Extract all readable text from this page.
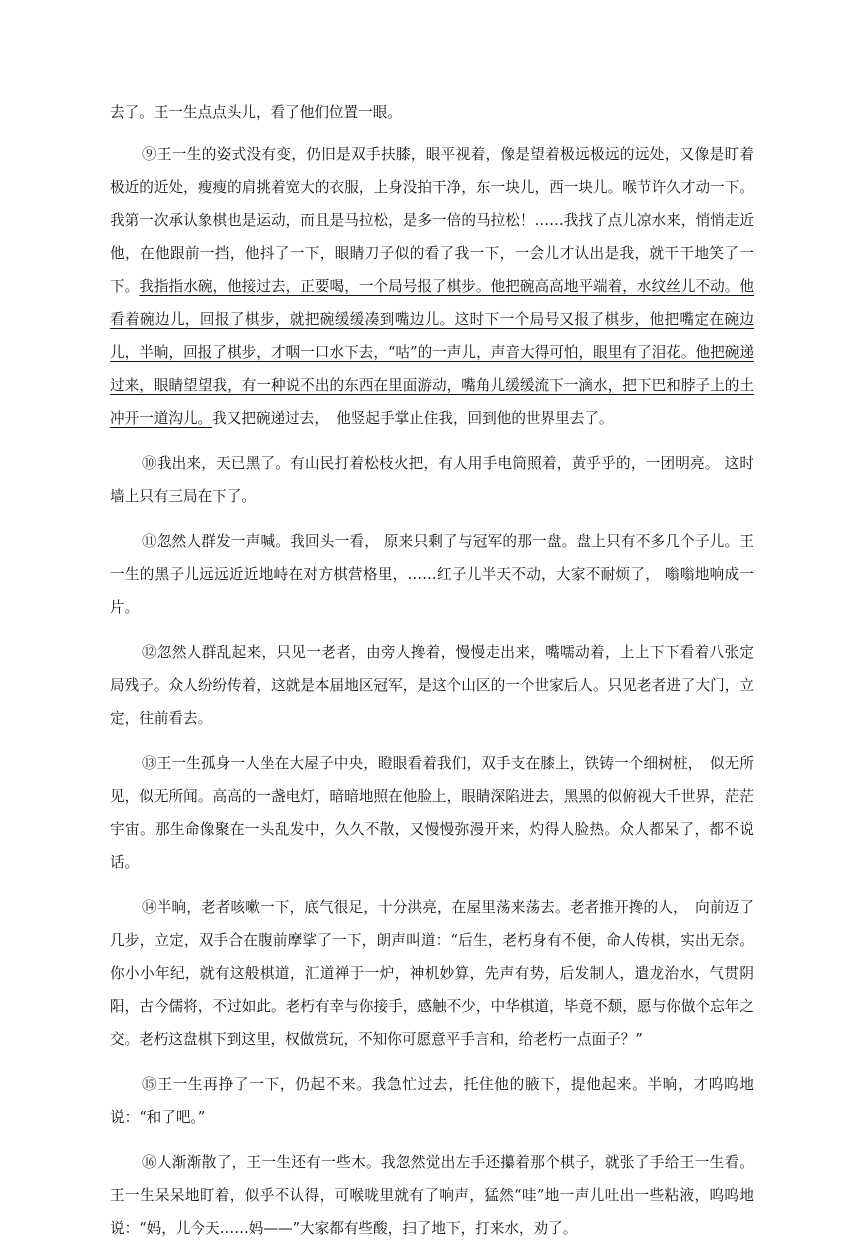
去了。王一生点点头儿，看了他们位置一眼。

⑨王一生的姿式没有变，仍旧是双手扶膝，眼平视着，像是望着极远极远的远处，又像是盯着极近的近处，瘦瘦的肩挑着宽大的衣服，上身没拍干净，东一块儿，西一块儿。喉节许久才动一下。我第一次承认象棋也是运动，而且是马拉松，是多一倍的马拉松！……我找了点儿凉水来，悄悄走近他，在他跟前一挡，他抖了一下，眼睛刀子似的看了我一下，一会儿才认出是我，就干干地笑了一下。我指指水碗，他接过去，正要喝，一个局号报了棋步。他把碗高高地平端着，水纹丝儿不动。他看着碗边儿，回报了棋步，就把碗缓缓凑到嘴边儿。这时下一个局号又报了棋步，他把嘴定在碗边儿，半晌，回报了棋步，才咽一口水下去，“咕”的一声儿，声音大得可怕，眼里有了泪花。他把碗递过来，眼睛望望我，有一种说不出的东西在里面游动，嘴角儿缓缓流下一滴水，把下巴和脖子上的土冲开一道沟儿。我又把碗递过去，　他竖起手掌止住我，回到他的世界里去了。

⑩我出来，天已黑了。有山民打着松枝火把，有人用手电筒照着，黄乎乎的，一团明亮。 这时墙上只有三局在下了。

⑪忽然人群发一声喊。我回头一看， 原来只剩了与冠军的那一盘。盘上只有不多几个子儿。王一生的黑子儿远远近近地峙在对方棋营格里，……红子儿半天不动，大家不耐烦了， 嗡嗡地响成一片。

⑫忽然人群乱起来，只见一老者，由旁人搀着，慢慢走出来，嘴嚅动着，上上下下看着八张定局残子。众人纷纷传着，这就是本届地区冠军，是这个山区的一个世家后人。只见老者进了大门，立定，往前看去。

⑬王一生孤身一人坐在大屋子中央，瞪眼看着我们，双手支在膝上，铁铸一个细树桩，　似无所见，似无所闻。高高的一盏电灯，暗暗地照在他脸上，眼睛深陷进去，黑黑的似俯视大千世界，茫茫宇宙。那生命像聚在一头乱发中，久久不散，又慢慢弥漫开来，灼得人脸热。众人都呆了，都不说话。

⑭半晌，老者咳嗽一下，底气很足，十分洪亮，在屋里荡来荡去。老者推开搀的人，　向前迈了几步，立定，双手合在腹前摩挲了一下，朗声叫道：“后生，老朽身有不便，命人传棋，实出无奈。你小小年纪，就有这般棋道，汇道禅于一炉，神机妙算，先声有势，后发制人，遣龙治水，气贯阴阳，古今儒将，不过如此。老朽有幸与你接手，感触不少，中华棋道，毕竟不颓，愿与你做个忘年之交。老朽这盘棋下到这里，权做赏玩，不知你可愿意平手言和，给老朽一点面子？”

⑮王一生再挣了一下，仍起不来。我急忙过去，托住他的腋下，提他起来。半晌，才呜呜地说：“和了吧。”

⑯人渐渐散了，王一生还有一些木。我忽然觉出左手还攥着那个棋子，就张了手给王一生看。王一生呆呆地盯着，似乎不认得，可喉咙里就有了响声，猛然“哇”地一声儿吐出一些粘液，呜呜地说：“妈，儿今天……妈——”大家都有些酸，扫了地下，打来水，劝了。
